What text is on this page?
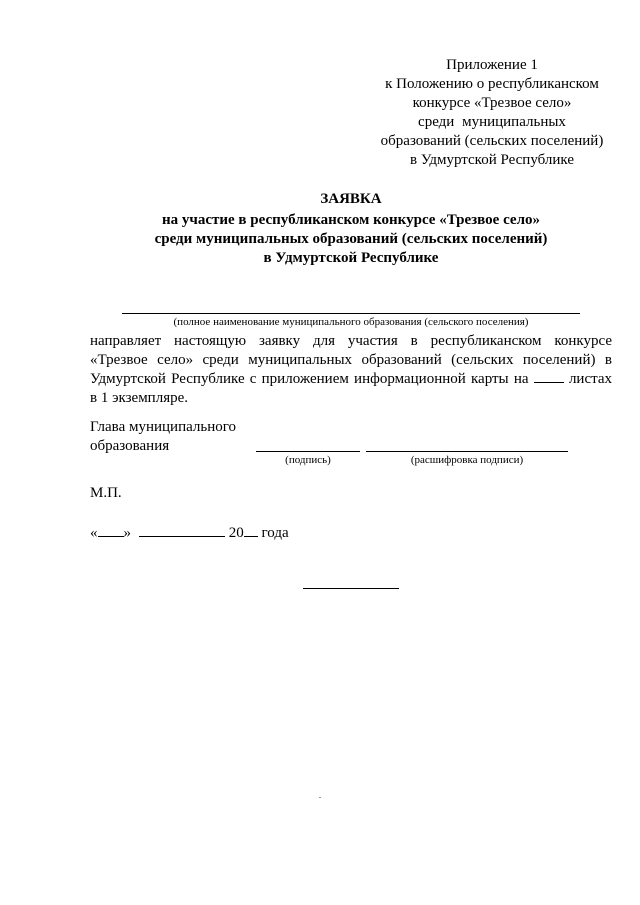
Приложение 1
к Положению о республиканском
конкурсе «Трезвое село»
среди муниципальных
образований (сельских поселений)
в Удмуртской Республике
ЗАЯВКА
на участие в республиканском конкурсе «Трезвое село»
среди муниципальных образований (сельских поселений)
в Удмуртской Республике
(полное наименование муниципального образования (сельского поселения)
направляет настоящую заявку для участия в республиканском конкурсе
«Трезвое село» среди муниципальных образований (сельских поселений) в
Удмуртской Республике с приложением информационной карты на	листах
в 1 экземпляре.
Глава муниципального
образования
(подпись)	(расшифровка подписи)
М.П.
« »	20 года
